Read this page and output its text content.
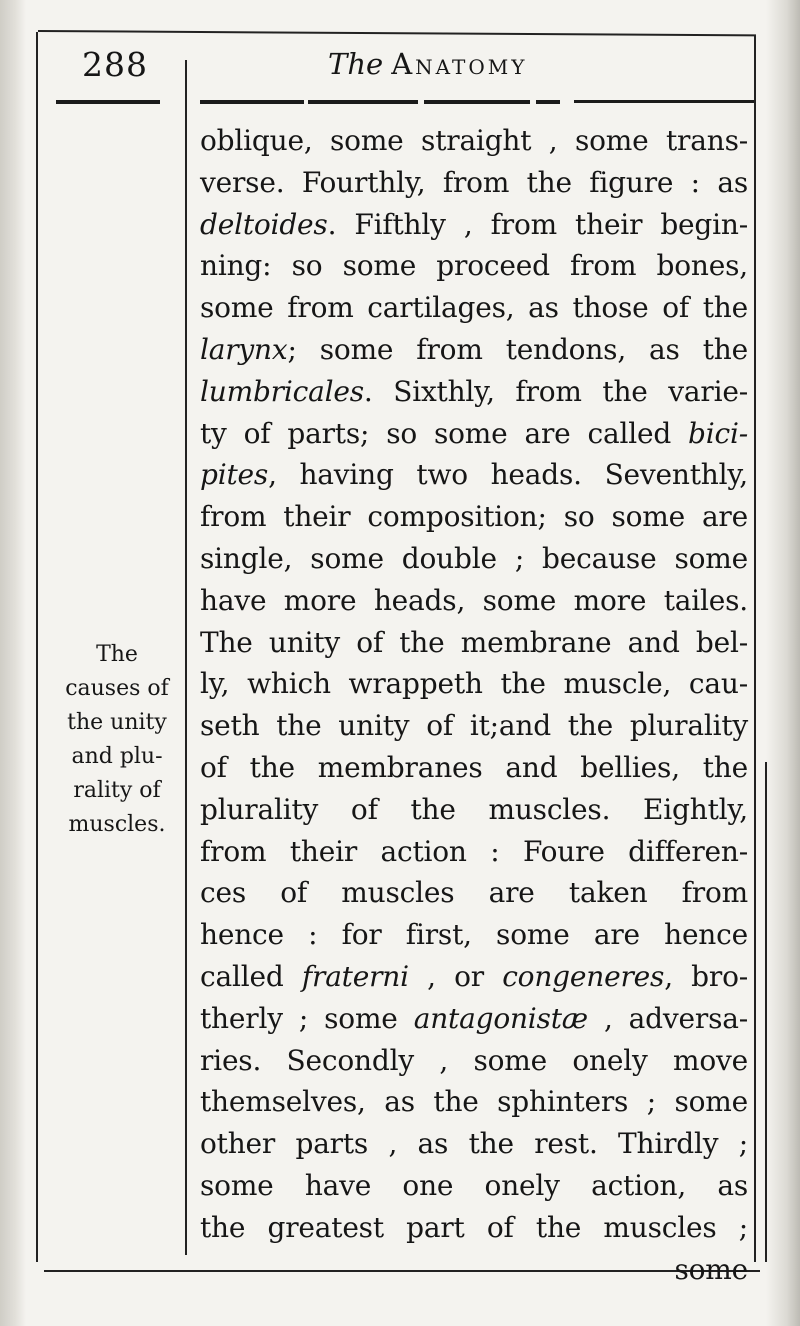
288	The Anatomy
The
causes of
the unity
and plu-
rality of
muscles.
oblique, some straight , some trans-
verse. Fourthly, from the figure : as
deltoides. Fifthly , from their begin-
ning: so some proceed from bones,
some from cartilages, as those of the
larynx; some from tendons, as the
lumbricales. Sixthly, from the varie-
ty of parts; so some are called bici-
pites, having two heads. Seventhly,
from their composition; so some are
single, some double ; because some
have more heads, some more tailes.
The unity of the membrane and bel-
ly, which wrappeth the muscle, cau-
seth the unity of it;and the plurality
of the membranes and bellies, the
plurality of the muscles. Eightly,
from their action : Foure differen-
ces of muscles are taken from
hence : for first, some are hence
called fraterni , or congeneres, bro-
therly ; some antagonistæ , adversa-
ries. Secondly , some onely move
themselves, as the sphinters ; some
other parts , as the rest. Thirdly ;
some have one onely action, as
the greatest part of the muscles ;
some
